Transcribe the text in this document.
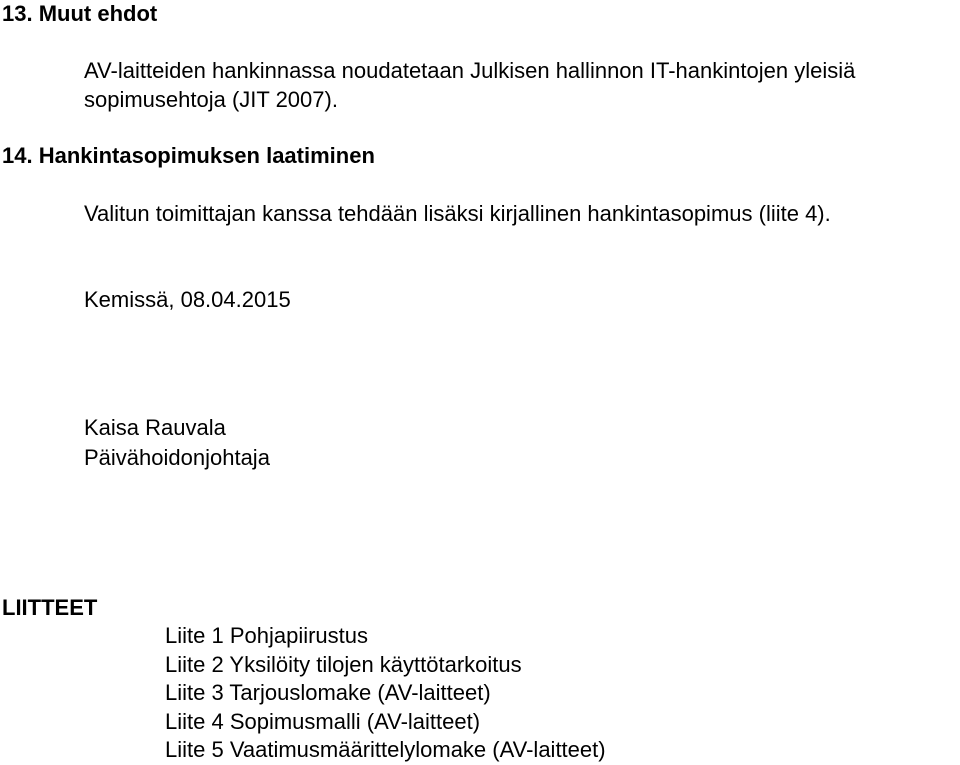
13. Muut ehdot

AV-laitteiden hankinnassa noudatetaan Julkisen hallinnon IT-hankintojen yleisiä

sopimusehtoja (JIT 2007).

14. Hankintasopimuksen laatiminen

Valitun toimittajan kanssa tehdään lisäksi kirjallinen hankintasopimus (liite 4).

Kemissä, 08.04.2015

Kaisa Rauvala

Päivähoidonjohtaja

LIITTEET

Liite 1 Pohjapiirustus

Liite 2 Yksilöity tilojen käyttötarkoitus

Liite 3 Tarjouslomake (AV-laitteet)

Liite 4 Sopimusmalli (AV-laitteet)

Liite 5 Vaatimusmäärittelylomake (AV-laitteet)
